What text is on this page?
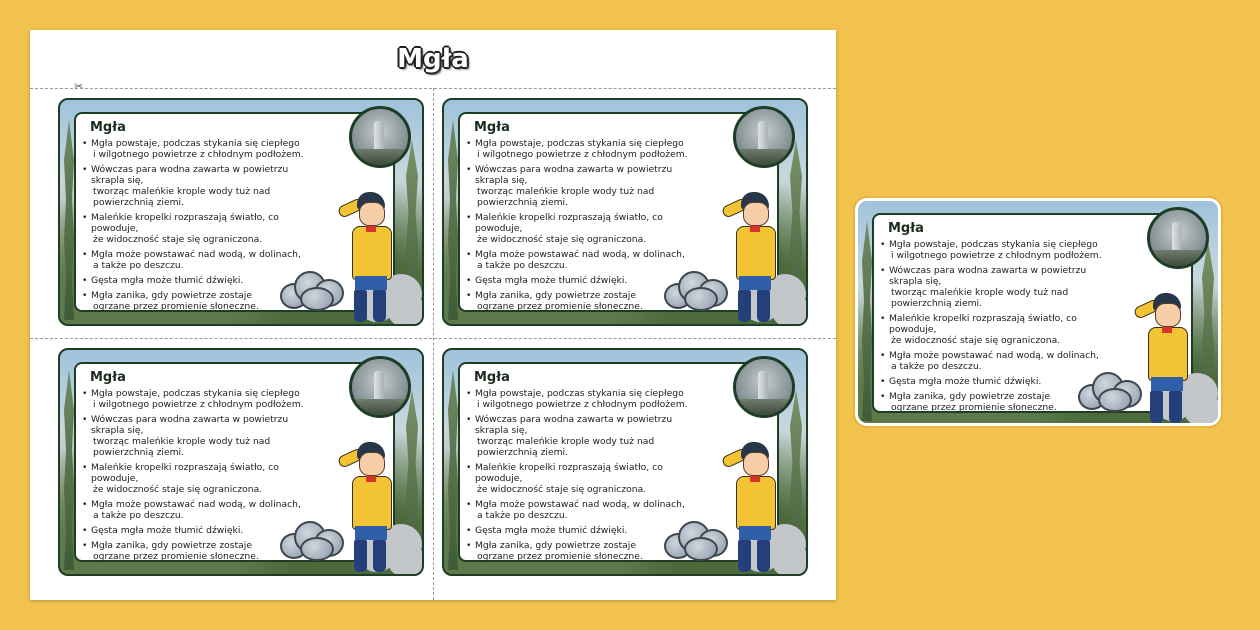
Mgła
✂
Mgła
• Mgła powstaje, podczas stykania się ciepłego
i wilgotnego powietrze z chłodnym podłożem.
• Wówczas para wodna zawarta w powietrzu skrapla się,
tworząc maleńkie krople wody tuż nad powierzchnią ziemi.
• Maleńkie kropelki rozpraszają światło, co powoduje,
że widoczność staje się ograniczona.
• Mgła może powstawać nad wodą, w dolinach,
a także po deszczu.
• Gęsta mgła może tłumić dźwięki.
• Mgła zanika, gdy powietrze zostaje
ogrzane przez promienie słoneczne.
Mgła
• Mgła powstaje, podczas stykania się ciepłego
i wilgotnego powietrze z chłodnym podłożem.
• Wówczas para wodna zawarta w powietrzu skrapla się,
tworząc maleńkie krople wody tuż nad powierzchnią ziemi.
• Maleńkie kropelki rozpraszają światło, co powoduje,
że widoczność staje się ograniczona.
• Mgła może powstawać nad wodą, w dolinach,
a także po deszczu.
• Gęsta mgła może tłumić dźwięki.
• Mgła zanika, gdy powietrze zostaje
ogrzane przez promienie słoneczne.
Mgła
• Mgła powstaje, podczas stykania się ciepłego
i wilgotnego powietrze z chłodnym podłożem.
• Wówczas para wodna zawarta w powietrzu skrapla się,
tworząc maleńkie krople wody tuż nad powierzchnią ziemi.
• Maleńkie kropelki rozpraszają światło, co powoduje,
że widoczność staje się ograniczona.
• Mgła może powstawać nad wodą, w dolinach,
a także po deszczu.
• Gęsta mgła może tłumić dźwięki.
• Mgła zanika, gdy powietrze zostaje
ogrzane przez promienie słoneczne.
Mgła
• Mgła powstaje, podczas stykania się ciepłego
i wilgotnego powietrze z chłodnym podłożem.
• Wówczas para wodna zawarta w powietrzu skrapla się,
tworząc maleńkie krople wody tuż nad powierzchnią ziemi.
• Maleńkie kropelki rozpraszają światło, co powoduje,
że widoczność staje się ograniczona.
• Mgła może powstawać nad wodą, w dolinach,
a także po deszczu.
• Gęsta mgła może tłumić dźwięki.
• Mgła zanika, gdy powietrze zostaje
ogrzane przez promienie słoneczne.
Mgła
• Mgła powstaje, podczas stykania się ciepłego
i wilgotnego powietrze z chłodnym podłożem.
• Wówczas para wodna zawarta w powietrzu skrapla się,
tworząc maleńkie krople wody tuż nad powierzchnią ziemi.
• Maleńkie kropelki rozpraszają światło, co powoduje,
że widoczność staje się ograniczona.
• Mgła może powstawać nad wodą, w dolinach,
a także po deszczu.
• Gęsta mgła może tłumić dźwięki.
• Mgła zanika, gdy powietrze zostaje
ogrzane przez promienie słoneczne.
